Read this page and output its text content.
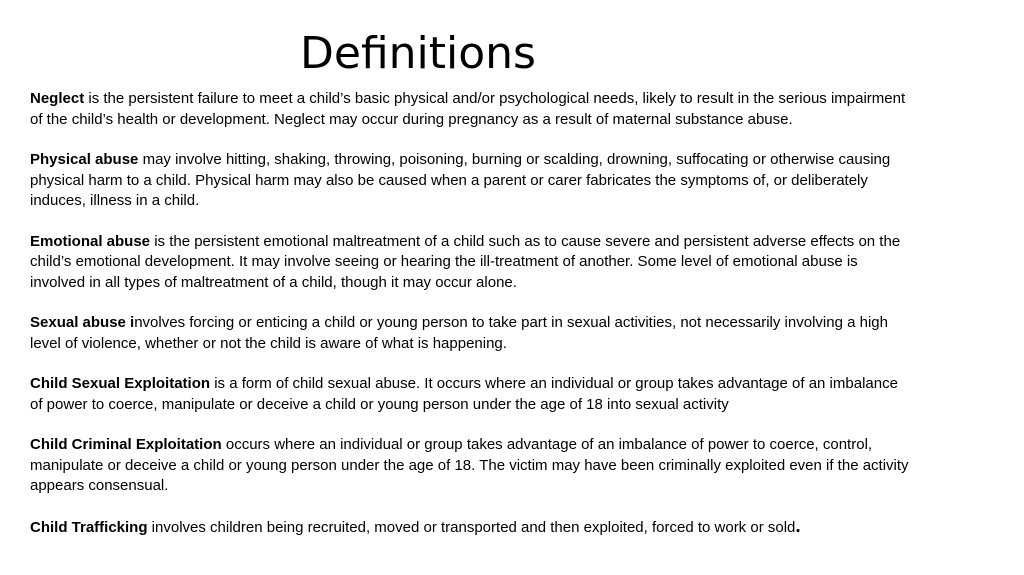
Definitions

Neglect is the persistent failure to meet a child’s basic physical and/or psychological needs, likely to result in the serious impairment of the child’s health or development. Neglect may occur during pregnancy as a result of maternal substance abuse.

Physical abuse may involve hitting, shaking, throwing, poisoning, burning or scalding, drowning, suffocating or otherwise causing physical harm to a child. Physical harm may also be caused when a parent or carer fabricates the symptoms of, or deliberately induces, illness in a child.

Emotional abuse is the persistent emotional maltreatment of a child such as to cause severe and persistent adverse effects on the child’s emotional development. It may involve seeing or hearing the ill-treatment of another. Some level of emotional abuse is involved in all types of maltreatment of a child, though it may occur alone.

Sexual abuse involves forcing or enticing a child or young person to take part in sexual activities, not necessarily involving a high level of violence, whether or not the child is aware of what is happening.

Child Sexual Exploitation is a form of child sexual abuse. It occurs where an individual or group takes advantage of an imbalance of power to coerce, manipulate or deceive a child or young person under the age of 18 into sexual activity

Child Criminal Exploitation occurs where an individual or group takes advantage of an imbalance of power to coerce, control, manipulate or deceive a child or young person under the age of 18. The victim may have been criminally exploited even if the activity appears consensual.

Child Trafficking involves children being recruited, moved or transported and then exploited, forced to work or sold.
